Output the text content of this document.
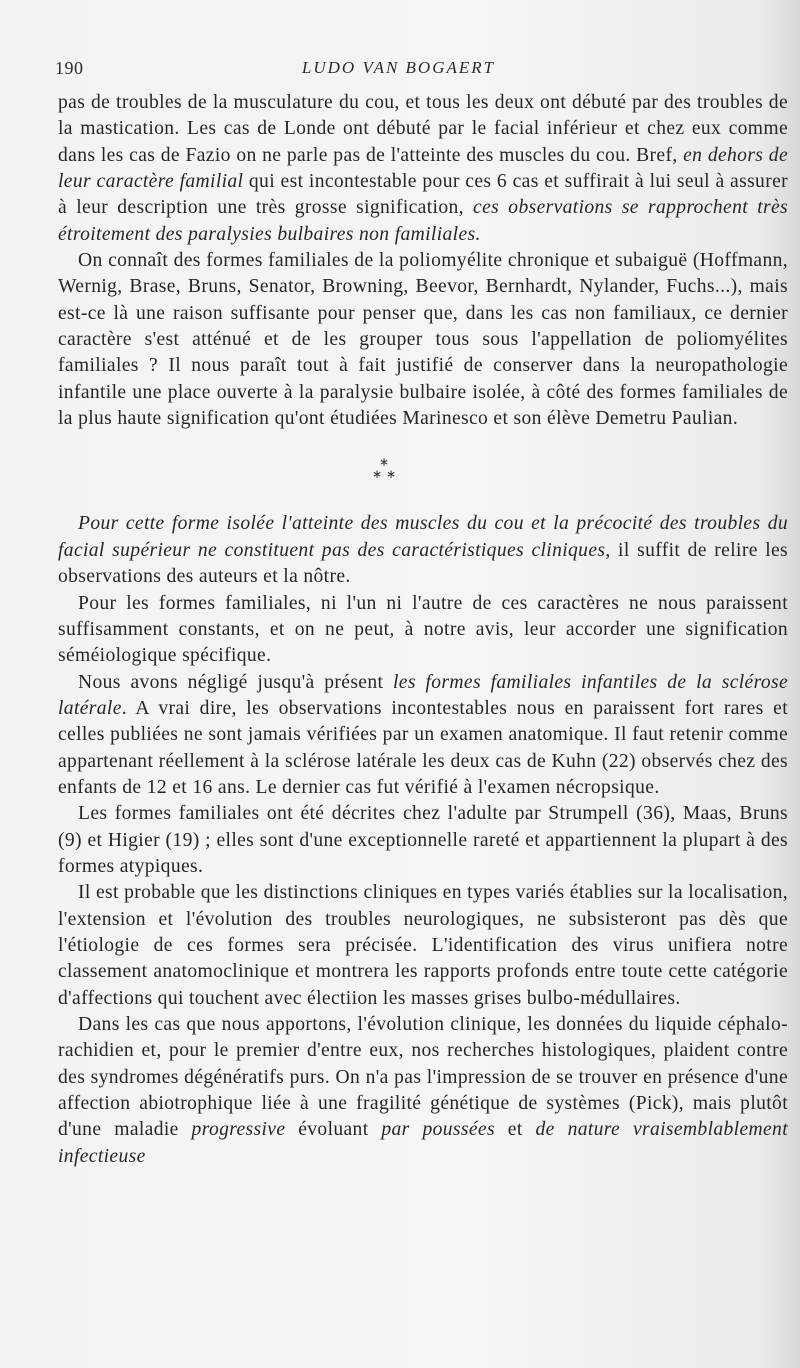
190	LUDO VAN BOGAERT

pas de troubles de la musculature du cou, et tous les deux ont débuté par des troubles de la mastication. Les cas de Londe ont débuté par le facial inférieur et chez eux comme dans les cas de Fazio on ne parle pas de l'atteinte des muscles du cou. Bref, en dehors de leur caractère familial qui est incontestable pour ces 6 cas et suffirait à lui seul à assurer à leur description une très grosse signification, ces observations se rapprochent très étroitement des paralysies bulbaires non familiales.

On connaît des formes familiales de la poliomyélite chronique et subaiguë (Hoffmann, Wernig, Brase, Bruns, Senator, Browning, Beevor, Bernhardt, Nylander, Fuchs...), mais est-ce là une raison suffisante pour penser que, dans les cas non familiaux, ce dernier caractère s'est atténué et de les grouper tous sous l'appellation de poliomyélites familiales ? Il nous paraît tout à fait justifié de conserver dans la neuropathologie infantile une place ouverte à la paralysie bulbaire isolée, à côté des formes familiales de la plus haute signification qu'ont étudiées Marinesco et son élève Demetru Paulian.

∗
∗ ∗

Pour cette forme isolée l'atteinte des muscles du cou et la précocité des troubles du facial supérieur ne constituent pas des caractéristiques cliniques, il suffit de relire les observations des auteurs et la nôtre.

Pour les formes familiales, ni l'un ni l'autre de ces caractères ne nous paraissent suffisamment constants, et on ne peut, à notre avis, leur accorder une signification séméiologique spécifique.

Nous avons négligé jusqu'à présent les formes familiales infantiles de la sclérose latérale. A vrai dire, les observations incontestables nous en paraissent fort rares et celles publiées ne sont jamais vérifiées par un examen anatomique. Il faut retenir comme appartenant réellement à la sclérose latérale les deux cas de Kuhn (22) observés chez des enfants de 12 et 16 ans. Le dernier cas fut vérifié à l'examen nécropsique.

Les formes familiales ont été décrites chez l'adulte par Strumpell (36), Maas, Bruns (9) et Higier (19) ; elles sont d'une exceptionnelle rareté et appartiennent la plupart à des formes atypiques.

Il est probable que les distinctions cliniques en types variés établies sur la localisation, l'extension et l'évolution des troubles neurologiques, ne subsisteront pas dès que l'étiologie de ces formes sera précisée. L'identification des virus unifiera notre classement anatomoclinique et montrera les rapports profonds entre toute cette catégorie d'affections qui touchent avec électiion les masses grises bulbo-médullaires.

Dans les cas que nous apportons, l'évolution clinique, les données du liquide céphalo-rachidien et, pour le premier d'entre eux, nos recherches histologiques, plaident contre des syndromes dégénératifs purs. On n'a pas l'impression de se trouver en présence d'une affection abiotrophique liée à une fragilité génétique de systèmes (Pick), mais plutôt d'une maladie progressive évoluant par poussées et de nature vraisemblablement infectieuse
